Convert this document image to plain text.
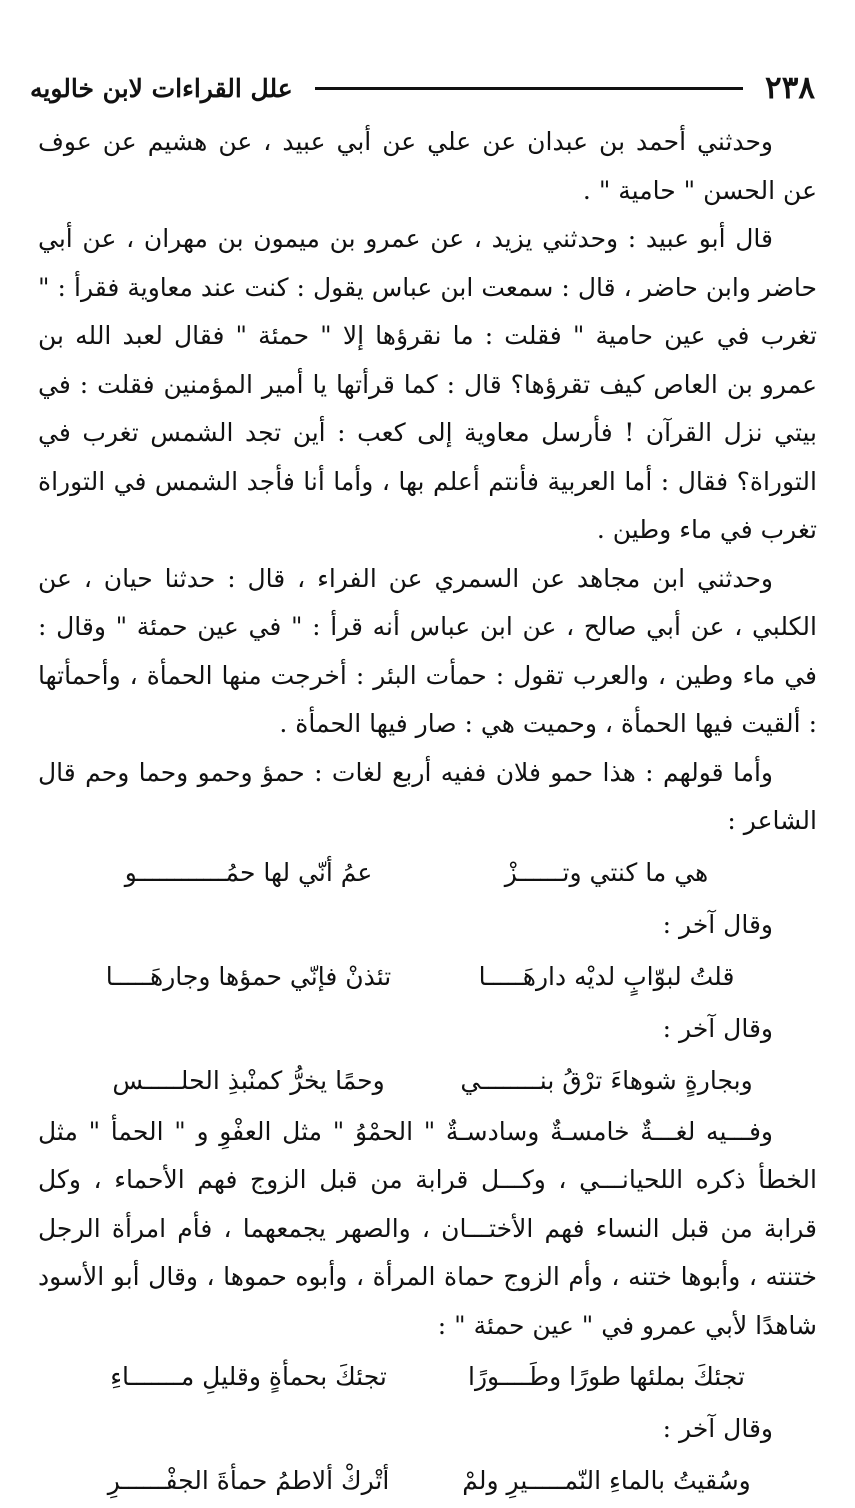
٢٣٨
علل القراءات لابن خالويه

وحدثني أحمد بن عبدان عن علي عن أبي عبيد ، عن هشيم عن عوف عن الحسن " حامية " .

قال أبو عبيد : وحدثني يزيد ، عن عمرو بن ميمون بن مهران ، عن أبي حاضر وابن حاضر ، قال : سمعت ابن عباس يقول : كنت عند معاوية فقرأ : " تغرب في عين حامية " فقلت : ما نقرؤها إلا " حمئة " فقال لعبد الله بن عمرو بن العاص كيف تقرؤها؟ قال : كما قرأتها يا أمير المؤمنين فقلت : في بيتي نزل القرآن ! فأرسل معاوية إلى كعب : أين تجد الشمس تغرب في التوراة؟ فقال : أما العربية فأنتم أعلم بها ، وأما أنا فأجد الشمس في التوراة تغرب في ماء وطين .

وحدثني ابن مجاهد عن السمري عن الفراء ، قال : حدثنا حيان ، عن الكلبي ، عن أبي صالح ، عن ابن عباس أنه قرأ : " في عين حمئة " وقال : في ماء وطين ، والعرب تقول : حمأت البئر : أخرجت منها الحمأة ، وأحمأتها : ألقيت فيها الحمأة ، وحميت هي : صار فيها الحمأة .

وأما قولهم : هذا حمو فلان ففيه أربع لغات : حمؤ وحمو وحما وحم قال الشاعر :

هي ما كنتي وتــــــزْ
عمُ أنّي لها حمُــــــــــــو

وقال آخر :

قلتُ لبوّابٍ لديْه دارهَـــــا
تئذنْ فإنّي حمؤها وجارهَـــــا

وقال آخر :

وبجارةٍ شوهاءَ ترْقُ بنــــــــي
وحمًا يخرُّ كمنْبذِ الحلـــــس

وفـــيه لغـــةٌ خامسـةٌ وسادسـةٌ " الحمْوُ " مثل العفْوِ و " الحمأ " مثل الخطأ ذكره اللحيانـــي ، وكـــل قرابة من قبل الزوج فهم الأحماء ، وكل قرابة من قبل النساء فهم الأختـــان ، والصهر يجمعهما ، فأم امرأة الرجل ختنته ، وأبوها ختنه ، وأم الزوج حماة المرأة ، وأبوه حموها ، وقال أبو الأسود شاهدًا لأبي عمرو في " عين حمئة " :

تجئكَ بملئها طورًا وطَــــورًا
تجئكَ بحمأةٍ وقليلِ مـــــــاءِ

وقال آخر :

وسُقيتُ بالماءِ النّمـــــيرِ ولمْ
أتْركْ ألاطمُ حمأةَ الجفْــــــرِ
